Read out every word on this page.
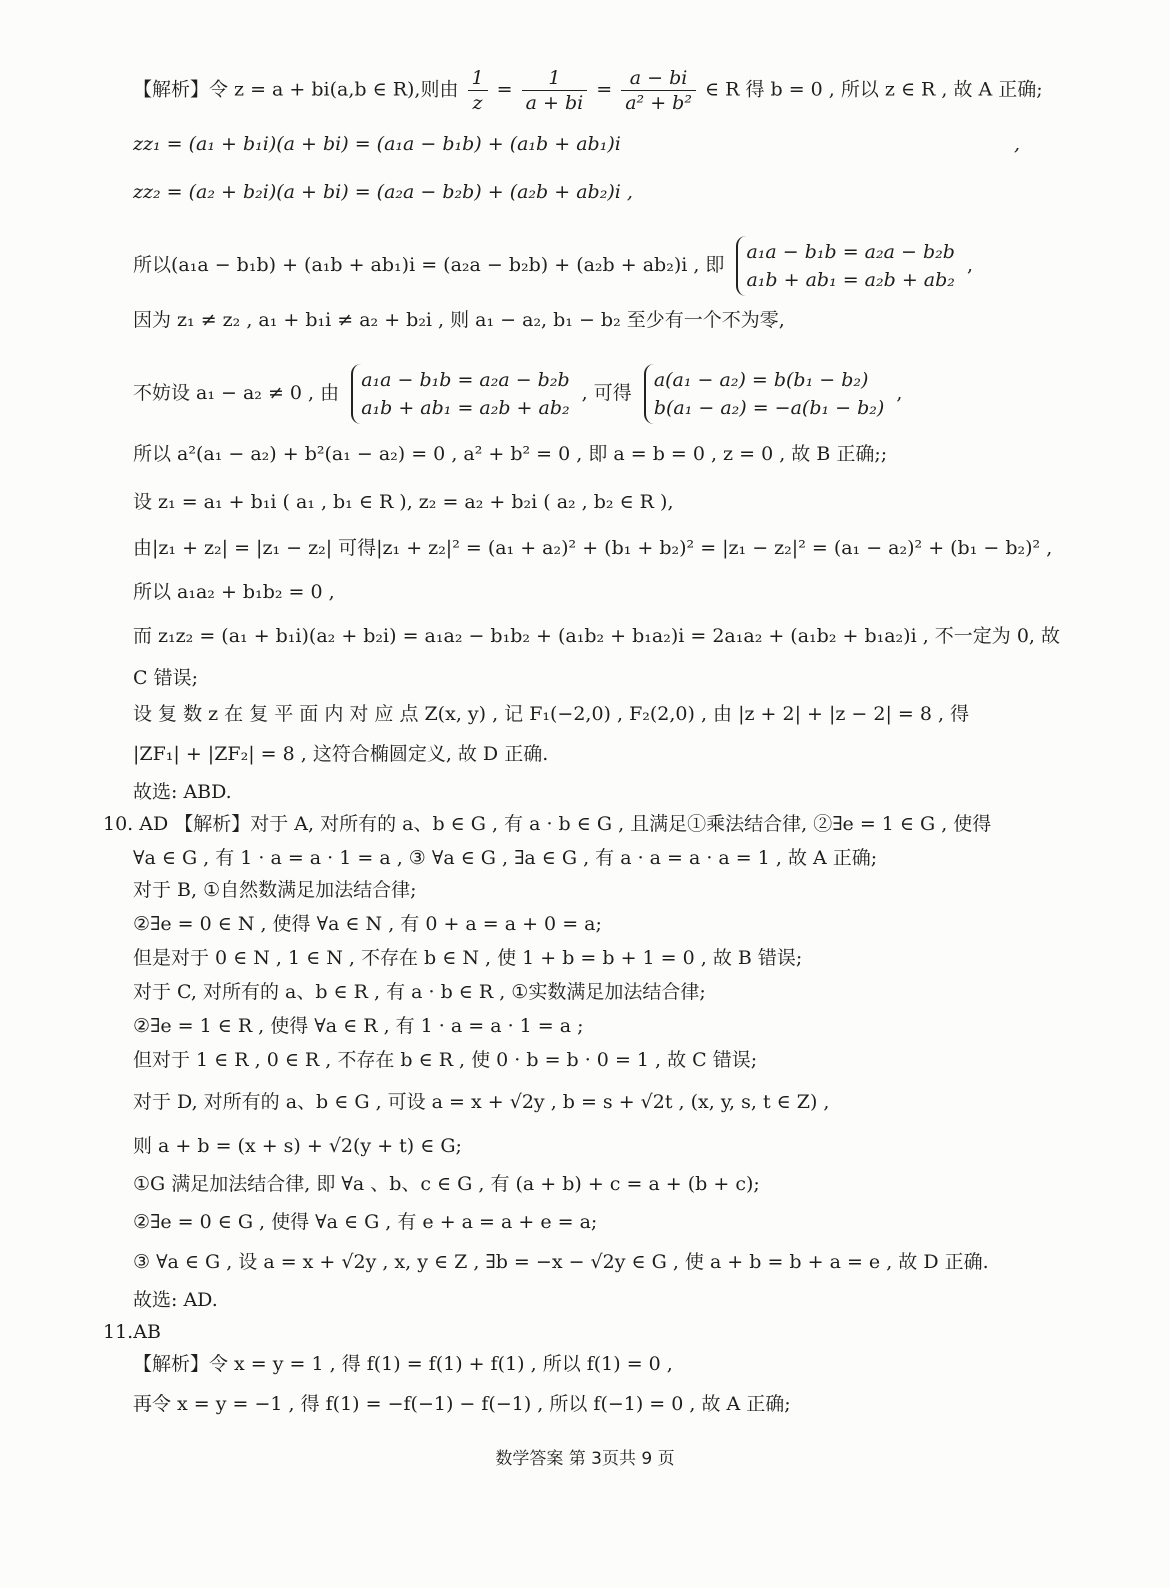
【解析】令 z = a + bi(a,b ∈ R),则由 $\frac{1}{z} = \frac{1}{a + bi} = \frac{a - bi}{\text{a² + b²}}$ ∈ R 得 b = 0 , 所以 z ∈ R , 故 A 正确;
zz₁ = (a₁ + b₁i)(a + bi) = (a₁a − b₁b) + (a₁b + ab₁)i	,
zz₂ = (a₂ + b₂i)(a + bi) = (a₂a − b₂b) + (a₂b + ab₂)i ,
所以(a₁a − b₁b) + (a₁b + ab₁)i = (a₂a − b₂b) + (a₂b + ab₂)i , 即
a₁a − b₁b = a₂a − b₂b
a₁b + ab₁ = a₂b + ab₂
,
因为 z₁ ≠ z₂ , a₁ + b₁i ≠ a₂ + b₂i , 则 a₁ − a₂, b₁ − b₂ 至少有一个不为零,
不妨设 a₁ − a₂ ≠ 0 , 由
a₁a − b₁b = a₂a − b₂b
a₁b + ab₁ = a₂b + ab₂
, 可得
a(a₁ − a₂) = b(b₁ − b₂)
b(a₁ − a₂) = −a(b₁ − b₂)
,
所以 a²(a₁ − a₂) + b²(a₁ − a₂) = 0 , a² + b² = 0 , 即 a = b = 0 , z = 0 , 故 B 正确;;
设 z₁ = a₁ + b₁i ( a₁ , b₁ ∈ R ), z₂ = a₂ + b₂i ( a₂ , b₂ ∈ R ),
由|z₁ + z₂| = |z₁ − z₂| 可得|z₁ + z₂|² = (a₁ + a₂)² + (b₁ + b₂)² = |z₁ − z₂|² = (a₁ − a₂)² + (b₁ − b₂)² ,
所以 a₁a₂ + b₁b₂ = 0 ,
而 z₁z₂ = (a₁ + b₁i)(a₂ + b₂i) = a₁a₂ − b₁b₂ + (a₁b₂ + b₁a₂)i = 2a₁a₂ + (a₁b₂ + b₁a₂)i , 不一定为 0, 故
C 错误;
设 复 数 z 在 复 平 面 内 对 应 点 Z(x, y) , 记 F₁(−2,0) , F₂(2,0) , 由 |z + 2| + |z − 2| = 8 , 得
|ZF₁| + |ZF₂| = 8 , 这符合椭圆定义, 故 D 正确.
故选: ABD.
10. AD 【解析】对于 A, 对所有的 a、b ∈ G , 有 a · b ∈ G , 且满足①乘法结合律, ②∃e = 1 ∈ G , 使得
∀a ∈ G , 有 1 · a = a · 1 = a , ③ ∀a ∈ G , ∃a ∈ G , 有 a · a = a · a = 1 , 故 A 正确;
对于 B, ①自然数满足加法结合律;
②∃e = 0 ∈ N , 使得 ∀a ∈ N , 有 0 + a = a + 0 = a;
但是对于 0 ∈ N , 1 ∈ N , 不存在 b ∈ N , 使 1 + b = b + 1 = 0 , 故 B 错误;
对于 C, 对所有的 a、b ∈ R , 有 a · b ∈ R , ①实数满足加法结合律;
②∃e = 1 ∈ R , 使得 ∀a ∈ R , 有 1 · a = a · 1 = a ;
但对于 1 ∈ R , 0 ∈ R , 不存在 b ∈ R , 使 0 · b = b · 0 = 1 , 故 C 错误;
对于 D, 对所有的 a、b ∈ G , 可设 a = x + √2y , b = s + √2t , (x, y, s, t ∈ Z) ,
则 a + b = (x + s) + √2(y + t) ∈ G;
①G 满足加法结合律, 即 ∀a 、b、c ∈ G , 有 (a + b) + c = a + (b + c);
②∃e = 0 ∈ G , 使得 ∀a ∈ G , 有 e + a = a + e = a;
③ ∀a ∈ G , 设 a = x + √2y , x, y ∈ Z , ∃b = −x − √2y ∈ G , 使 a + b = b + a = e , 故 D 正确.
故选: AD.
11.AB
【解析】令 x = y = 1 , 得 f(1) = f(1) + f(1) , 所以 f(1) = 0 ,
再令 x = y = −1 , 得 f(1) = −f(−1) − f(−1) , 所以 f(−1) = 0 , 故 A 正确;
数学答案 第 3页共 9 页
